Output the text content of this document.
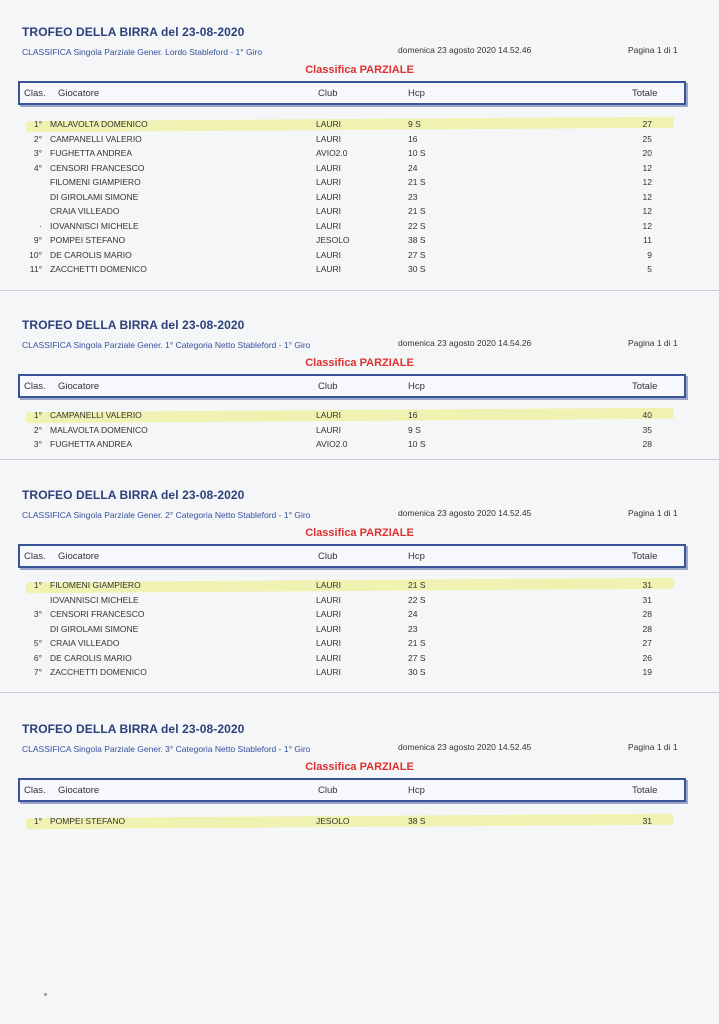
TROFEO DELLA BIRRA del 23-08-2020
CLASSIFICA Singola Parziale Gener. Lordo Stableford - 1° Giro	domenica 23 agosto 2020 14.52.46	Pagina 1 di 1
Classifica PARZIALE
Clas. Giocatore	Club	Hcp	Totale
1° MALAVOLTA DOMENICO	LAURI	9 S	27
2° CAMPANELLI VALERIO	LAURI	16	25
3° FUGHETTA ANDREA	AVIO2.0	10 S	20
4° CENSORI FRANCESCO	LAURI	24	12
FILOMENI GIAMPIERO	LAURI	21 S	12
DI GIROLAMI SIMONE	LAURI	23	12
CRAIA VILLEADO	LAURI	21 S	12
· IOVANNISCI MICHELE	LAURI	22 S	12
9° POMPEI STEFANO	JESOLO	38 S	11
10° DE CAROLIS MARIO	LAURI	27 S	9
11° ZACCHETTI DOMENICO	LAURI	30 S	5
TROFEO DELLA BIRRA del 23-08-2020
CLASSIFICA Singola Parziale Gener. 1° Categoria Netto Stableford - 1° Giro	domenica 23 agosto 2020 14.54.26	Pagina 1 di 1
Classifica PARZIALE
Clas. Giocatore	Club	Hcp	Totale
1° CAMPANELLI VALERIO	LAURI	16	40
2° MALAVOLTA DOMENICO	LAURI	9 S	35
3° FUGHETTA ANDREA	AVIO2.0	10 S	28
TROFEO DELLA BIRRA del 23-08-2020
CLASSIFICA Singola Parziale Gener. 2° Categoria Netto Stableford - 1° Giro	domenica 23 agosto 2020 14.52.45	Pagina 1 di 1
Classifica PARZIALE
Clas. Giocatore	Club	Hcp	Totale
1° FILOMENI GIAMPIERO	LAURI	21 S	31
IOVANNISCI MICHELE	LAURI	22 S	31
3° CENSORI FRANCESCO	LAURI	24	28
DI GIROLAMI SIMONE	LAURI	23	28
5° CRAIA VILLEADO	LAURI	21 S	27
6° DE CAROLIS MARIO	LAURI	27 S	26
7° ZACCHETTI DOMENICO	LAURI	30 S	19
TROFEO DELLA BIRRA del 23-08-2020
CLASSIFICA Singola Parziale Gener. 3° Categoria Netto Stableford - 1° Giro	domenica 23 agosto 2020 14.52.45	Pagina 1 di 1
Classifica PARZIALE
Clas. Giocatore	Club	Hcp	Totale
1° POMPEI STEFANO	JESOLO	38 S	31
